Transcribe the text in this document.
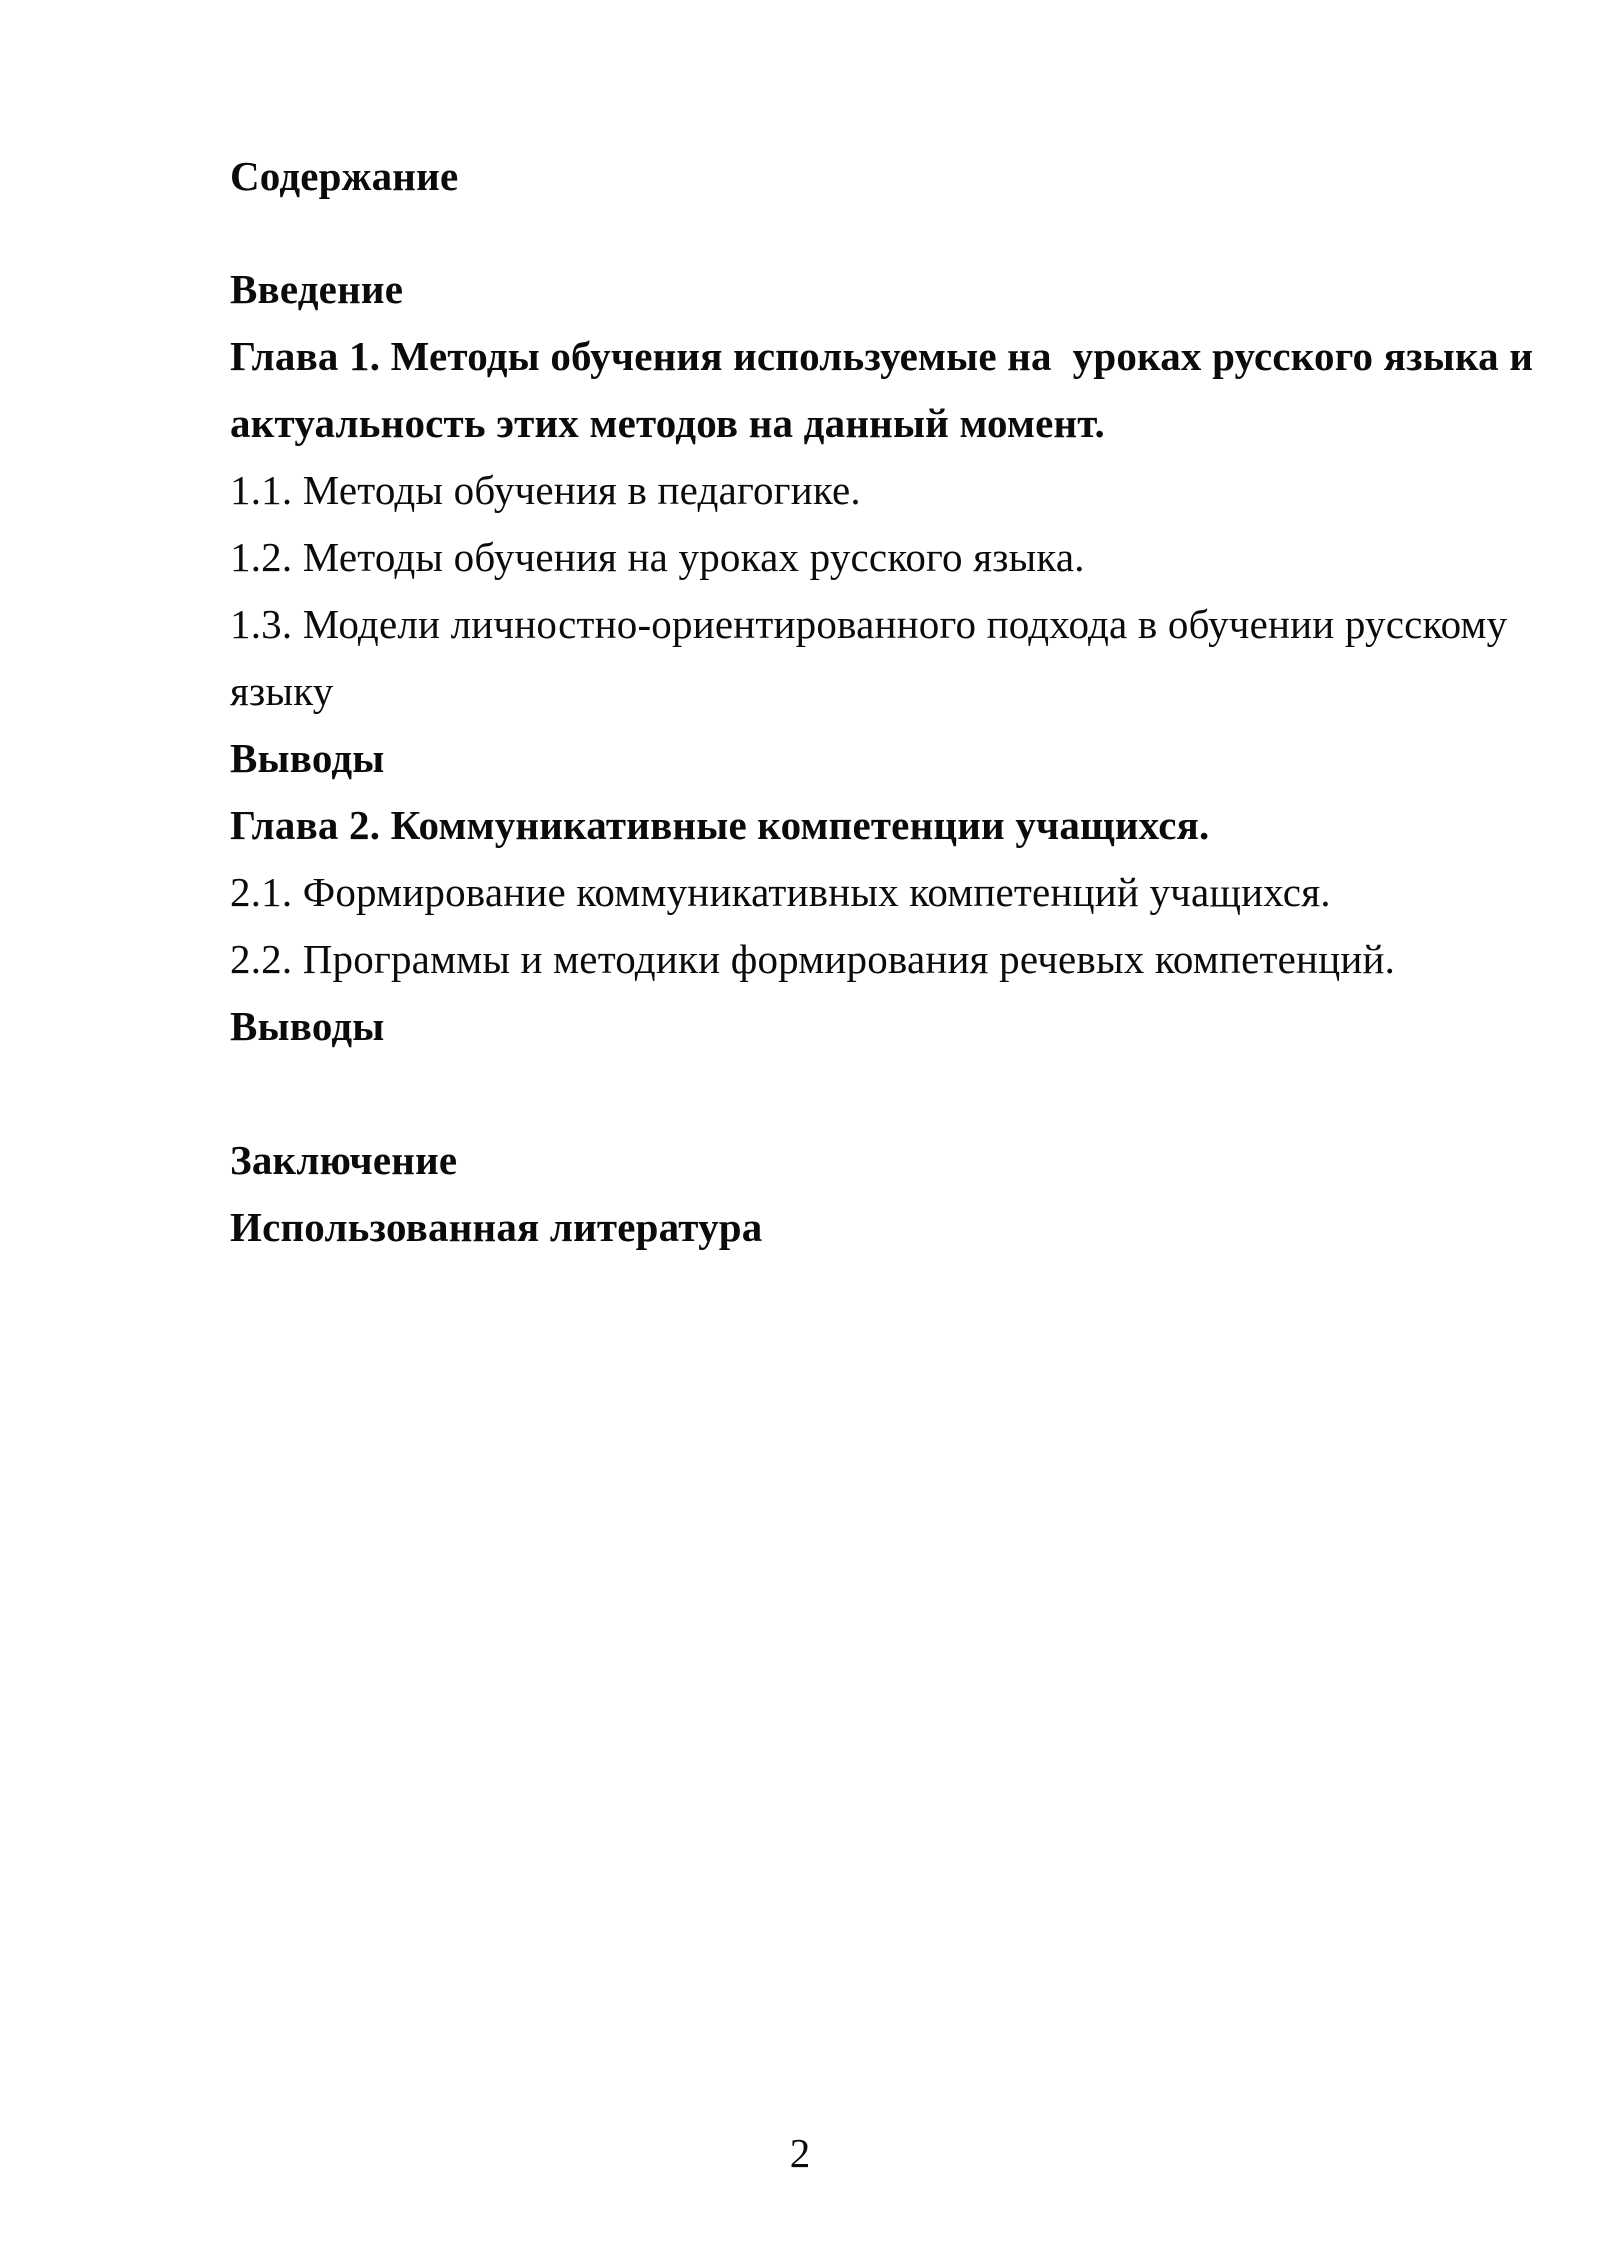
Содержание

Введение

Глава 1. Методы обучения используемые на  уроках русского языка и

актуальность этих методов на данный момент.

1.1. Методы обучения в педагогике.

1.2. Методы обучения на уроках русского языка.

1.3. Модели личностно-ориентированного подхода в обучении русскому

языку

Выводы

Глава 2. Коммуникативные компетенции учащихся.

2.1. Формирование коммуникативных компетенций учащихся.

2.2. Программы и методики формирования речевых компетенций.

Выводы

Заключение

Использованная литература

2
